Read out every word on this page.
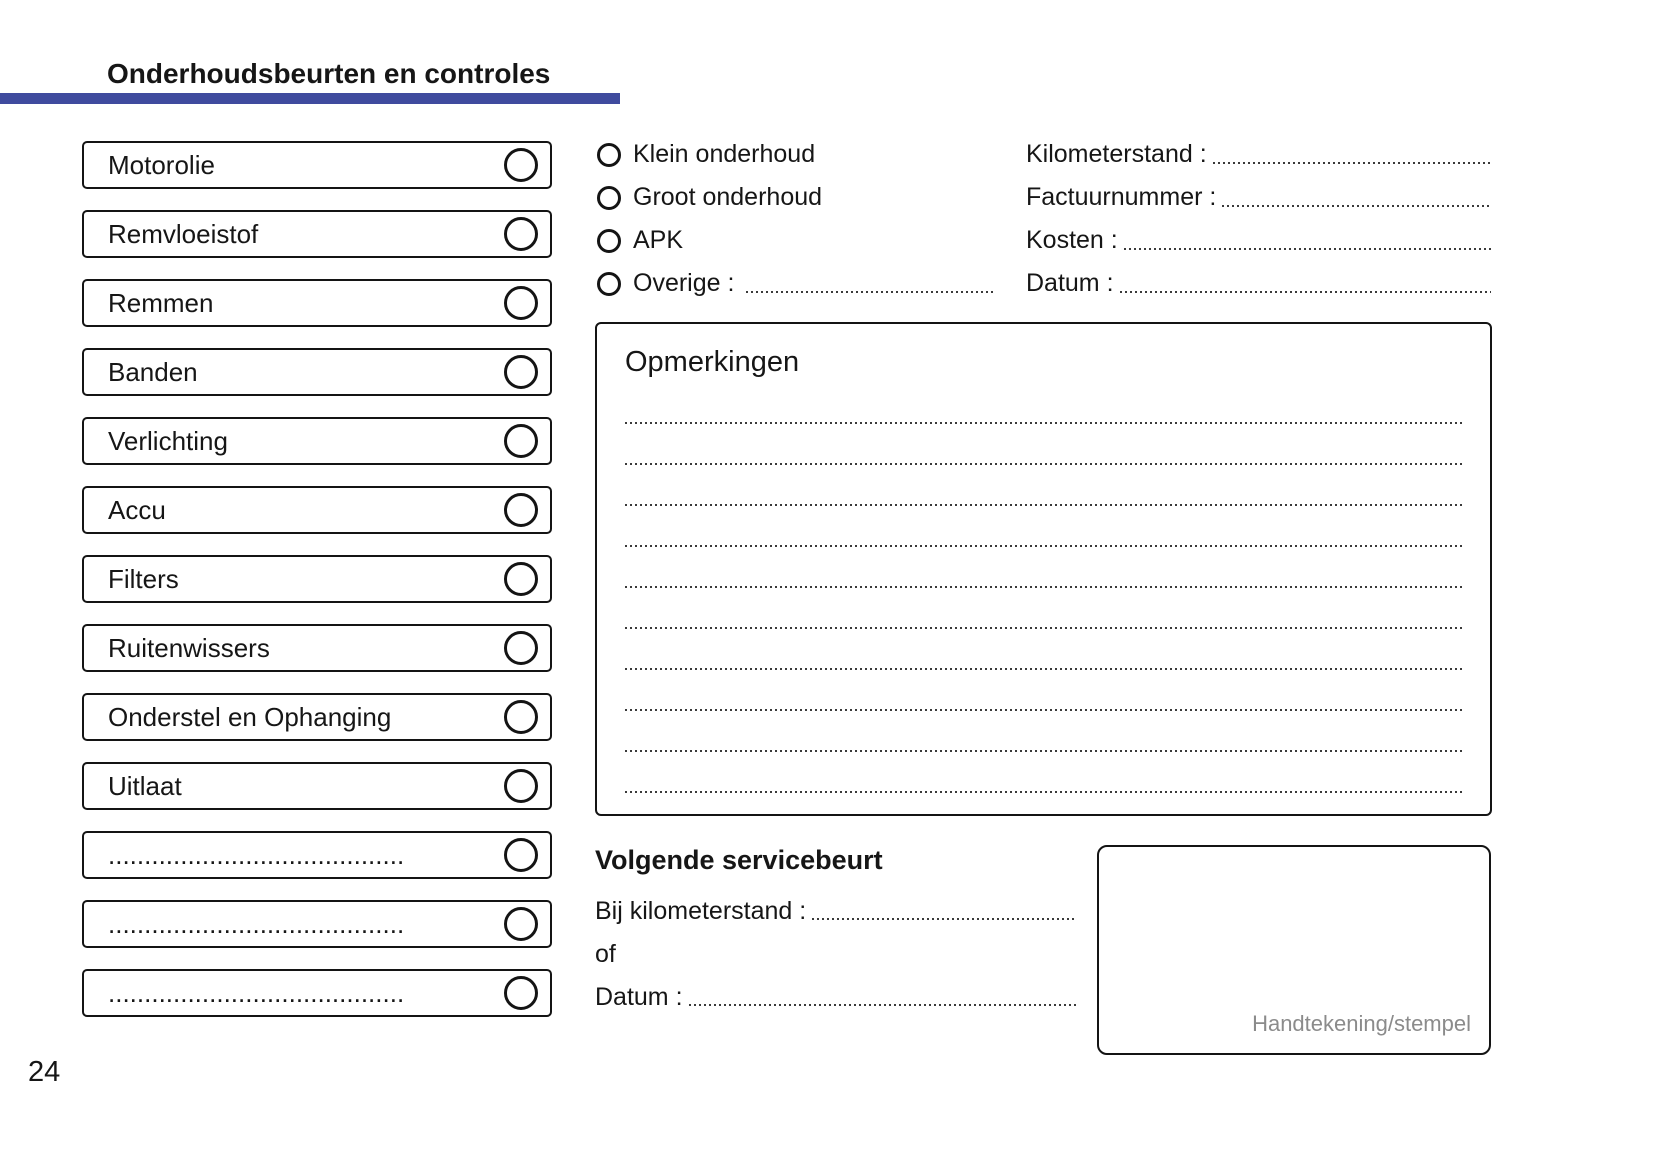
Onderhoudsbeurten en controles
Motorolie
Remvloeistof
Remmen
Banden
Verlichting
Accu
Filters
Ruitenwissers
Onderstel en Ophanging
Uitlaat
.........................................
.........................................
.........................................
Klein onderhoud
Groot onderhoud
APK
Overige :
Kilometerstand :
Factuurnummer :
Kosten :
Datum :
Opmerkingen
Volgende servicebeurt
Bij kilometerstand :
of
Datum :
Handtekening/stempel
24
